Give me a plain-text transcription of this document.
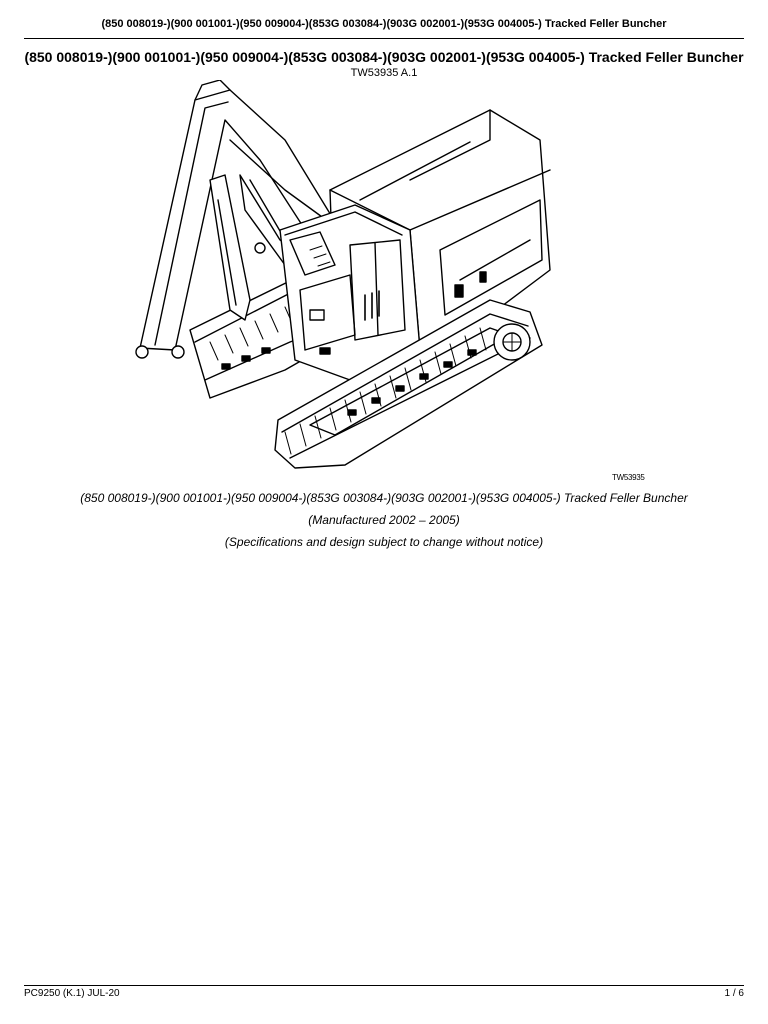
(850 008019-)(900 001001-)(950 009004-)(853G 003084-)(903G 002001-)(953G 004005-) Tracked Feller Buncher
(850 008019-)(900 001001-)(950 009004-)(853G 003084-)(903G 002001-)(953G 004005-) Tracked Feller Buncher
TW53935 A.1
TW53935
(850 008019-)(900 001001-)(950 009004-)(853G 003084-)(903G 002001-)(953G 004005-) Tracked Feller Buncher
(Manufactured 2002 – 2005)
(Specifications and design subject to change without notice)
PC9250 (K.1) JUL-20	1 / 6
